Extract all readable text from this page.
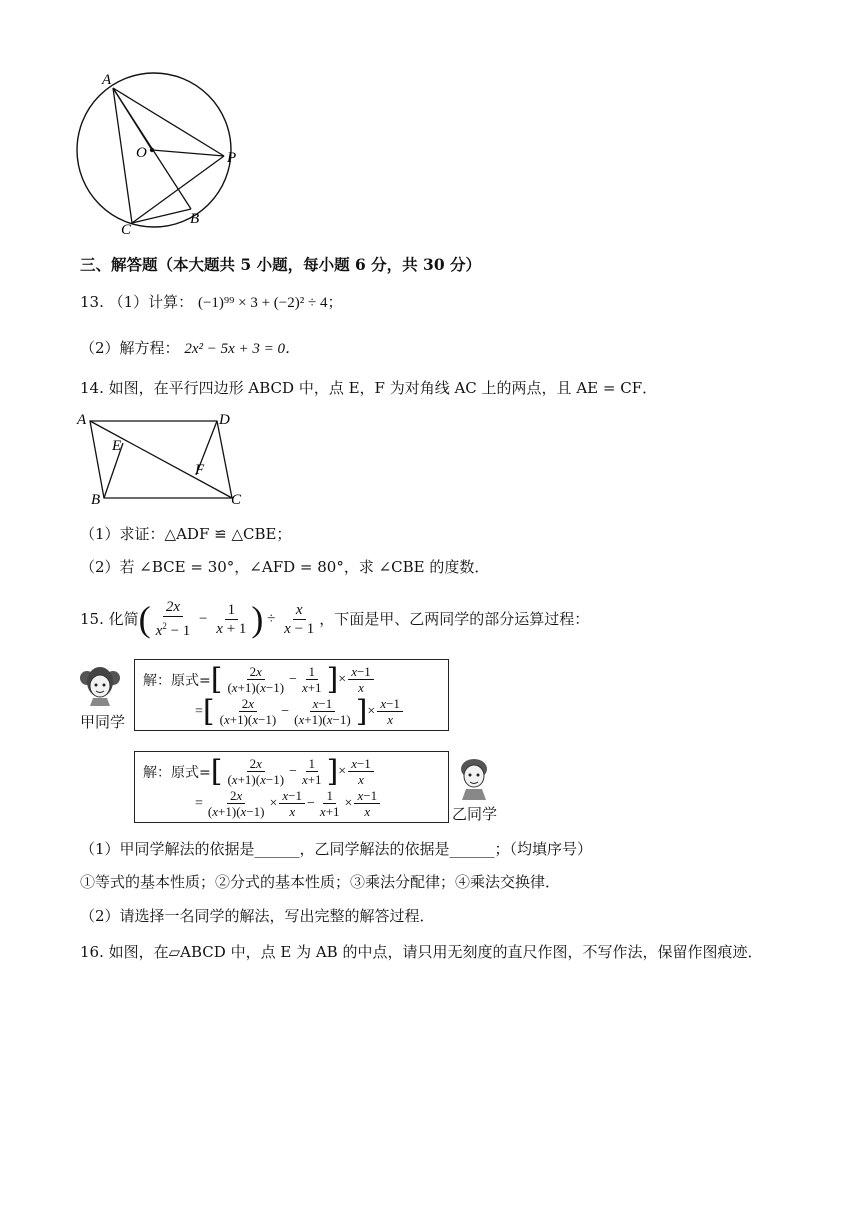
A
O	P
C
B
三、解答题（本大题共 5 小题，每小题 6 分，共 30 分）
13. （1）计算： (−1)⁹⁹ × 3 + (−2)² ÷ 4；
（2）解方程： 2x² − 5x + 3 = 0．
14. 如图，在平行四边形 ABCD 中，点 E，F 为对角线 AC 上的两点，且 AE = CF．
A	D
E
F
B	C
（1）求证：△ADF ≌ △CBE；
（2）若 ∠BCE = 30°，∠AFD = 80°，求 ∠CBE 的度数．
15.
化简 ( $\frac{2x}{x^2 - 1} - \frac{1}{x + 1}$ ) ÷ $\frac{x}{x - 1}$ ，下面是甲、乙两同学的部分运算过程：
甲同学
解：原式= [ $\frac{2x}{(x+1)(x-1)} - \frac{1}{x+1}$ ] × $\frac{x-1}{x}$
= [ $\frac{2x}{(x+1)(x-1)} - \frac{x-1}{(x+1)(x-1)}$ ] × $\frac{x-1}{x}$
解：原式= [ $\frac{2x}{(x+1)(x-1)} - \frac{1}{x+1}$ ] × $\frac{x-1}{x}$
= $\frac{2x}{(x+1)(x-1)} \times \frac{x-1}{x} - \frac{1}{x+1} \times \frac{x-1}{x}$	乙同学
（1）甲同学解法的依据是______，乙同学解法的依据是______；（均填序号）
①等式的基本性质；②分式的基本性质；③乘法分配律；④乘法交换律．
（2）请选择一名同学的解法，写出完整的解答过程．
16. 如图，在▱ABCD 中，点 E 为 AB 的中点，请只用无刻度的直尺作图，不写作法，保留作图痕迹．
